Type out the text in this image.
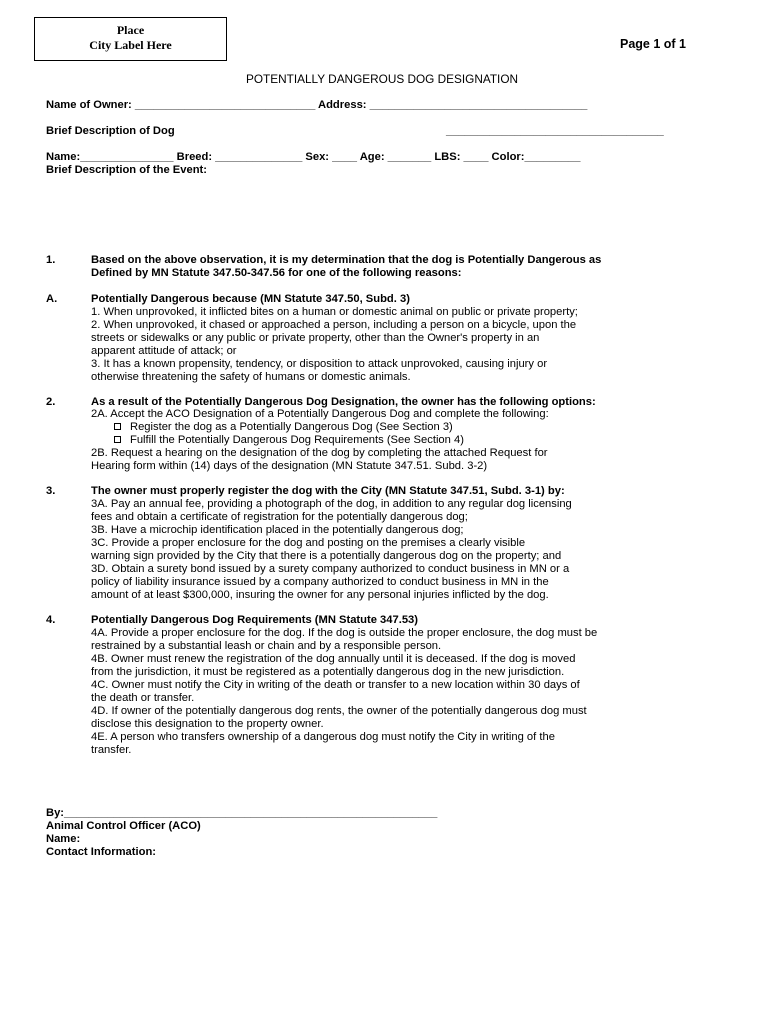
Place
City Label Here	Page 1 of 1
POTENTIALLY DANGEROUS DOG DESIGNATION
Name of Owner: _____________________________ Address: ___________________________________
Brief Description of Dog	___________________________________
Name:_______________ Breed: ______________ Sex: ____ Age: _______ LBS: ____ Color:_________
Brief Description of the Event:
1.	Based on the above observation, it is my determination that the dog is Potentially Dangerous as
Defined by MN Statute 347.50-347.56 for one of the following reasons:
A.	Potentially Dangerous because (MN Statute 347.50, Subd. 3)
1. When unprovoked, it inflicted bites on a human or domestic animal on public or private property;
2. When unprovoked, it chased or approached a person, including a person on a bicycle, upon the
streets or sidewalks or any public or private property, other than the Owner's property in an
apparent attitude of attack; or
3. It has a known propensity, tendency, or disposition to attack unprovoked, causing injury or
otherwise threatening the safety of humans or domestic animals.
2.	As a result of the Potentially Dangerous Dog Designation, the owner has the following options:
2A. Accept the ACO Designation of a Potentially Dangerous Dog and complete the following:
Register the dog as a Potentially Dangerous Dog (See Section 3)
Fulfill the Potentially Dangerous Dog Requirements (See Section 4)
2B. Request a hearing on the designation of the dog by completing the attached Request for
Hearing form within (14) days of the designation (MN Statute 347.51. Subd. 3-2)
3.	The owner must properly register the dog with the City (MN Statute 347.51, Subd. 3-1) by:
3A. Pay an annual fee, providing a photograph of the dog, in addition to any regular dog licensing
fees and obtain a certificate of registration for the potentially dangerous dog;
3B. Have a microchip identification placed in the potentially dangerous dog;
3C. Provide a proper enclosure for the dog and posting on the premises a clearly visible
warning sign provided by the City that there is a potentially dangerous dog on the property; and
3D. Obtain a surety bond issued by a surety company authorized to conduct business in MN or a
policy of liability insurance issued by a company authorized to conduct business in MN in the
amount of at least $300,000, insuring the owner for any personal injuries inflicted by the dog.
4.	Potentially Dangerous Dog Requirements (MN Statute 347.53)
4A. Provide a proper enclosure for the dog. If the dog is outside the proper enclosure, the dog must be
restrained by a substantial leash or chain and by a responsible person.
4B. Owner must renew the registration of the dog annually until it is deceased. If the dog is moved
from the jurisdiction, it must be registered as a potentially dangerous dog in the new jurisdiction.
4C. Owner must notify the City in writing of the death or transfer to a new location within 30 days of
the death or transfer.
4D. If owner of the potentially dangerous dog rents, the owner of the potentially dangerous dog must
disclose this designation to the property owner.
4E. A person who transfers ownership of a dangerous dog must notify the City in writing of the
transfer.
By:____________________________________________________________
Animal Control Officer (ACO)
Name:
Contact Information:
